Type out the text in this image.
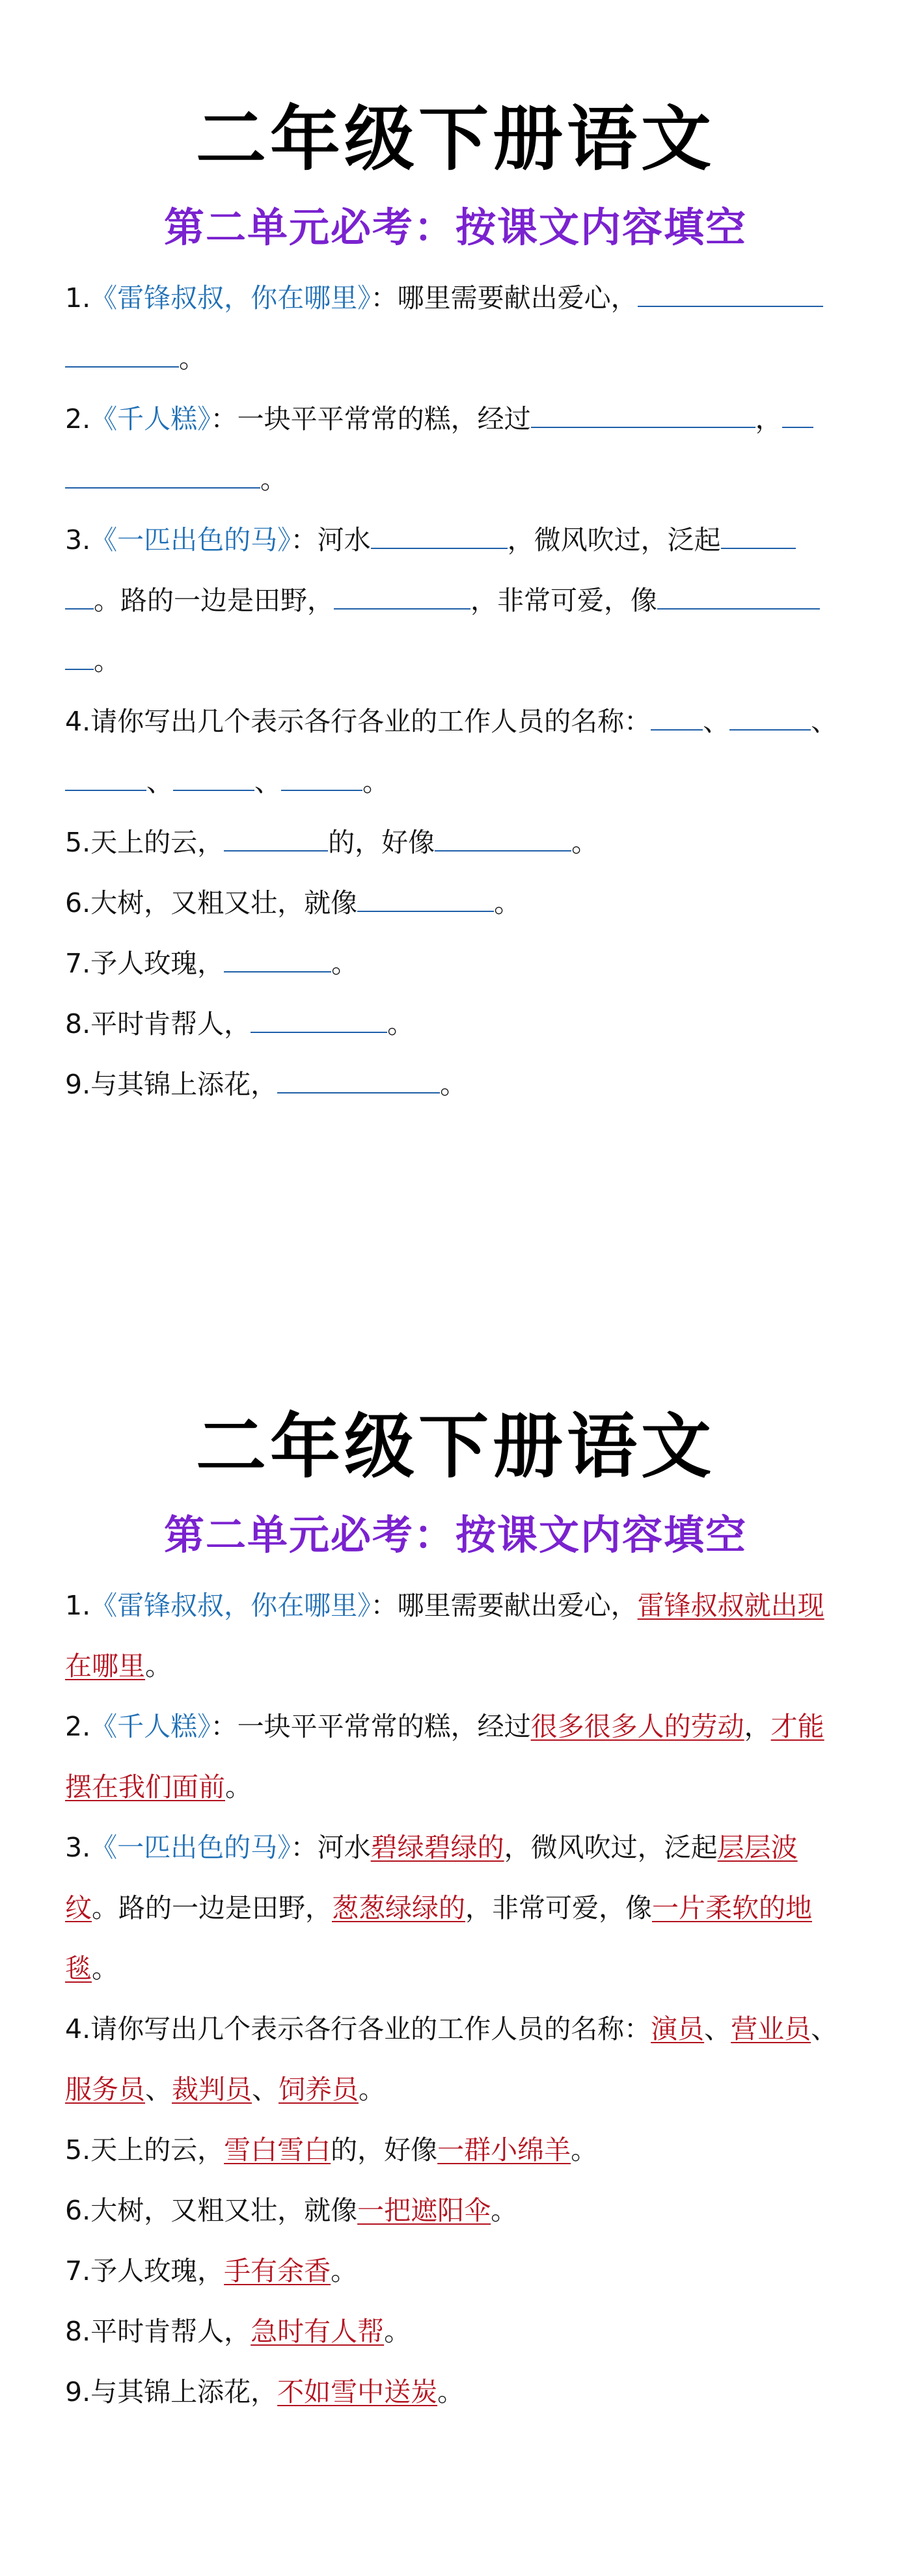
二年级下册语文
第二单元必考：按课文内容填空
1.《雷锋叔叔，你在哪里》：哪里需要献出爱心，
。
2.《千人糕》：一块平平常常的糕，经过	，
。
3.《一匹出色的马》：河水	，微风吹过，泛起
。路的一边是田野，	，非常可爱，像
。
4.请你写出几个表示各行各业的工作人员的名称： 、	、
、	、	。
5.天上的云，	的，好像	。
6.大树，又粗又壮，就像	。
7.予人玫瑰，	。
8.平时肯帮人，	。
9.与其锦上添花，	。
二年级下册语文
第二单元必考：按课文内容填空
1.《雷锋叔叔，你在哪里》：哪里需要献出爱心，雷锋叔叔就出现在哪里。
2.《千人糕》：一块平平常常的糕，经过很多很多人的劳动，才能摆在我们面前。
3.《一匹出色的马》：河水碧绿碧绿的，微风吹过，泛起层层波纹。路的一边是田野，葱葱绿绿的，非常可爱，像一片柔软的地毯。
4.请你写出几个表示各行各业的工作人员的名称：演员、营业员、服务员、裁判员、饲养员。
5.天上的云，雪白雪白的，好像一群小绵羊。
6.大树，又粗又壮，就像一把遮阳伞。
7.予人玫瑰，手有余香。
8.平时肯帮人，急时有人帮。
9.与其锦上添花，不如雪中送炭。
